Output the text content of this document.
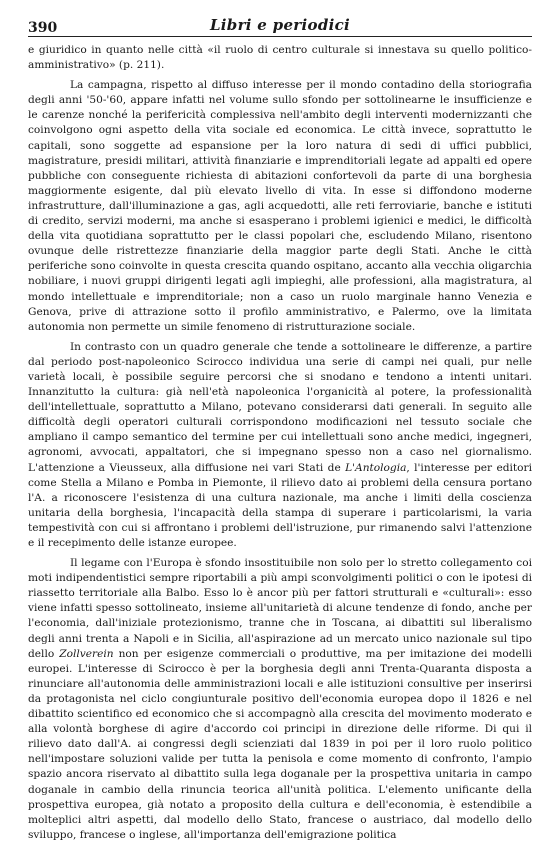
390	Libri e periodici

e giuridico in quanto nelle città «il ruolo di centro culturale si innestava su quello politico-amministrativo» (p. 211).

La campagna, rispetto al diffuso interesse per il mondo contadino della storiografia degli anni '50-'60, appare infatti nel volume sullo sfondo per sottolinearne le insufficienze e le carenze nonché la perifericità complessiva nell'ambito degli interventi modernizzanti che coinvolgono ogni aspetto della vita sociale ed economica. Le città invece, soprattutto le capitali, sono soggette ad espansione per la loro natura di sedi di uffici pubblici, magistrature, presidi militari, attività finanziarie e imprenditoriali legate ad appalti ed opere pubbliche con conseguente richiesta di abitazioni confortevoli da parte di una borghesia maggiormente esigente, dal più elevato livello di vita. In esse si diffondono moderne infrastrutture, dall'illuminazione a gas, agli acquedotti, alle reti ferroviarie, banche e istituti di credito, servizi moderni, ma anche si esasperano i problemi igienici e medici, le difficoltà della vita quotidiana soprattutto per le classi popolari che, escludendo Milano, risentono ovunque delle ristrettezze finanziarie della maggior parte degli Stati. Anche le città periferiche sono coinvolte in questa crescita quando ospitano, accanto alla vecchia oligarchia nobiliare, i nuovi gruppi dirigenti legati agli impieghi, alle professioni, alla magistratura, al mondo intellettuale e imprenditoriale; non a caso un ruolo marginale hanno Venezia e Genova, prive di attrazione sotto il profilo amministrativo, e Palermo, ove la limitata autonomia non permette un simile fenomeno di ristrutturazione sociale.

In contrasto con un quadro generale che tende a sottolineare le differenze, a partire dal periodo post-napoleonico Scirocco individua una serie di campi nei quali, pur nelle varietà locali, è possibile seguire percorsi che si snodano e tendono a intenti unitari. Innanzitutto la cultura: già nell'età napoleonica l'organicità al potere, la professionalità dell'intellettuale, soprattutto a Milano, potevano considerarsi dati generali. In seguito alle difficoltà degli operatori culturali corrispondono modificazioni nel tessuto sociale che ampliano il campo semantico del termine per cui intellettuali sono anche medici, ingegneri, agronomi, avvocati, appaltatori, che si impegnano spesso non a caso nel giornalismo. L'attenzione a Vieusseux, alla diffusione nei vari Stati de L'Antologia, l'interesse per editori come Stella a Milano e Pomba in Piemonte, il rilievo dato ai problemi della censura portano l'A. a riconoscere l'esistenza di una cultura nazionale, ma anche i limiti della coscienza unitaria della borghesia, l'incapacità della stampa di superare i particolarismi, la varia tempestività con cui si affrontano i problemi dell'istruzione, pur rimanendo salvi l'attenzione e il recepimento delle istanze europee.

Il legame con l'Europa è sfondo insostituibile non solo per lo stretto collegamento coi moti indipendentistici sempre riportabili a più ampi sconvolgimenti politici o con le ipotesi di riassetto territoriale alla Balbo. Esso lo è ancor più per fattori strutturali e «culturali»: esso viene infatti spesso sottolineato, insieme all'unitarietà di alcune tendenze di fondo, anche per l'economia, dall'iniziale protezionismo, tranne che in Toscana, ai dibattiti sul liberalismo degli anni trenta a Napoli e in Sicilia, all'aspirazione ad un mercato unico nazionale sul tipo dello Zollverein non per esigenze commerciali o produttive, ma per imitazione dei modelli europei. L'interesse di Scirocco è per la borghesia degli anni Trenta-Quaranta disposta a rinunciare all'autonomia delle amministrazioni locali e alle istituzioni consultive per inserirsi da protagonista nel ciclo congiunturale positivo dell'economia europea dopo il 1826 e nel dibattito scientifico ed economico che si accompagnò alla crescita del movimento moderato e alla volontà borghese di agire d'accordo coi principi in direzione delle riforme. Di qui il rilievo dato dall'A. ai congressi degli scienziati dal 1839 in poi per il loro ruolo politico nell'impostare soluzioni valide per tutta la penisola e come momento di confronto, l'ampio spazio ancora riservato al dibattito sulla lega doganale per la prospettiva unitaria in campo doganale in cambio della rinuncia teorica all'unità politica. L'elemento unificante della prospettiva europea, già notato a proposito della cultura e dell'economia, è estendibile a molteplici altri aspetti, dal modello dello Stato, francese o austriaco, dal modello dello sviluppo, francese o inglese, all'importanza dell'emigrazione politica
